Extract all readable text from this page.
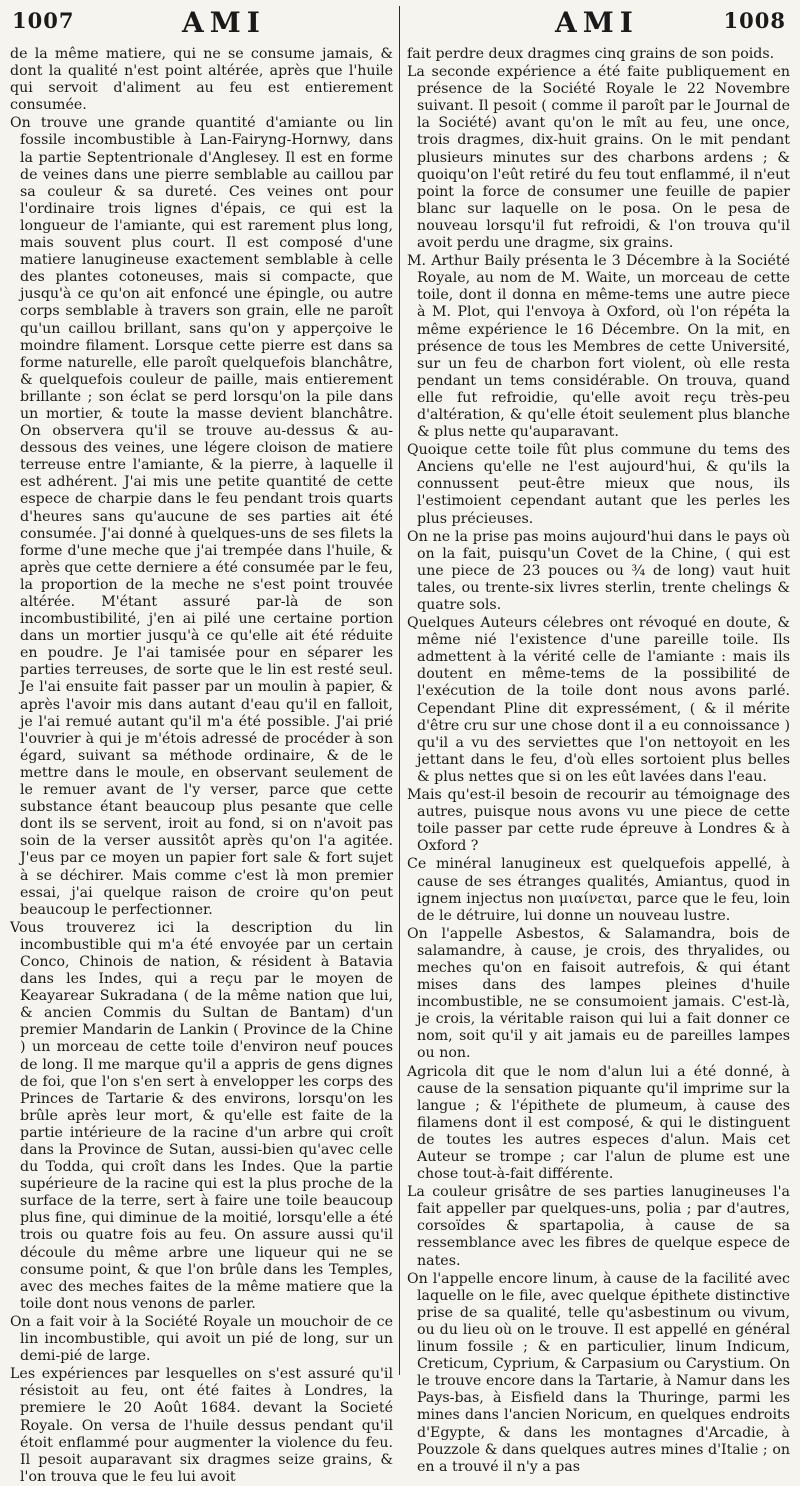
1007	AMI	AMI	1008

de la même matiere, qui ne se consume jamais, & dont la qualité n'est point altérée, après que l'huile qui servoit d'aliment au feu est entierement consumée.

On trouve une grande quantité d'amiante ou lin fossile incombustible à Lan-Fairyng-Hornwy, dans la partie Septentrionale d'Anglesey. Il est en forme de veines dans une pierre semblable au caillou par sa couleur & sa dureté. Ces veines ont pour l'ordinaire trois lignes d'épais, ce qui est la longueur de l'amiante, qui est rarement plus long, mais souvent plus court. Il est composé d'une matiere lanugineuse exactement semblable à celle des plantes cotoneuses, mais si compacte, que jusqu'à ce qu'on ait enfoncé une épingle, ou autre corps semblable à travers son grain, elle ne paroît qu'un caillou brillant, sans qu'on y apperçoive le moindre filament. Lorsque cette pierre est dans sa forme naturelle, elle paroît quelquefois blanchâtre, & quelquefois couleur de paille, mais entierement brillante ; son éclat se perd lorsqu'on la pile dans un mortier, & toute la masse devient blanchâtre. On observera qu'il se trouve au-dessus & au-dessous des veines, une légere cloison de matiere terreuse entre l'amiante, & la pierre, à laquelle il est adhérent. J'ai mis une petite quantité de cette espece de charpie dans le feu pendant trois quarts d'heures sans qu'aucune de ses parties ait été consumée. J'ai donné à quelques-uns de ses filets la forme d'une meche que j'ai trempée dans l'huile, & après que cette derniere a été consumée par le feu, la proportion de la meche ne s'est point trouvée altérée. M'étant assuré par-là de son incombustibilité, j'en ai pilé une certaine portion dans un mortier jusqu'à ce qu'elle ait été réduite en poudre. Je l'ai tamisée pour en séparer les parties terreuses, de sorte que le lin est resté seul. Je l'ai ensuite fait passer par un moulin à papier, & après l'avoir mis dans autant d'eau qu'il en falloit, je l'ai remué autant qu'il m'a été possible. J'ai prié l'ouvrier à qui je m'étois adressé de procéder à son égard, suivant sa méthode ordinaire, & de le mettre dans le moule, en observant seulement de le remuer avant de l'y verser, parce que cette substance étant beaucoup plus pesante que celle dont ils se servent, iroit au fond, si on n'avoit pas soin de la verser aussitôt après qu'on l'a agitée. J'eus par ce moyen un papier fort sale & fort sujet à se déchirer. Mais comme c'est là mon premier essai, j'ai quelque raison de croire qu'on peut beaucoup le perfectionner.

Vous trouverez ici la description du lin incombustible qui m'a été envoyée par un certain Conco, Chinois de nation, & résident à Batavia dans les Indes, qui a reçu par le moyen de Keayarear Sukradana ( de la même nation que lui, & ancien Commis du Sultan de Bantam) d'un premier Mandarin de Lankin ( Province de la Chine ) un morceau de cette toile d'environ neuf pouces de long. Il me marque qu'il a appris de gens dignes de foi, que l'on s'en sert à envelopper les corps des Princes de Tartarie & des environs, lorsqu'on les brûle après leur mort, & qu'elle est faite de la partie intérieure de la racine d'un arbre qui croît dans la Province de Sutan, aussi-bien qu'avec celle du Todda, qui croît dans les Indes. Que la partie supérieure de la racine qui est la plus proche de la surface de la terre, sert à faire une toile beaucoup plus fine, qui diminue de la moitié, lorsqu'elle a été trois ou quatre fois au feu. On assure aussi qu'il découle du même arbre une liqueur qui ne se consume point, & que l'on brûle dans les Temples, avec des meches faites de la même matiere que la toile dont nous venons de parler.

On a fait voir à la Société Royale un mouchoir de ce lin incombustible, qui avoit un pié de long, sur un demi-pié de large.

Les expériences par lesquelles on s'est assuré qu'il résistoit au feu, ont été faites à Londres, la premiere le 20 Août 1684. devant la Societé Royale. On versa de l'huile dessus pendant qu'il étoit enflammé pour augmenter la violence du feu. Il pesoit auparavant six dragmes seize grains, & l'on trouva que le feu lui avoit

fait perdre deux dragmes cinq grains de son poids.

La seconde expérience a été faite publiquement en présence de la Société Royale le 22 Novembre suivant. Il pesoit ( comme il paroît par le Journal de la Société) avant qu'on le mît au feu, une once, trois dragmes, dix-huit grains. On le mit pendant plusieurs minutes sur des charbons ardens ; & quoiqu'on l'eût retiré du feu tout enflammé, il n'eut point la force de consumer une feuille de papier blanc sur laquelle on le posa. On le pesa de nouveau lorsqu'il fut refroidi, & l'on trouva qu'il avoit perdu une dragme, six grains.

M. Arthur Baily présenta le 3 Décembre à la Société Royale, au nom de M. Waite, un morceau de cette toile, dont il donna en même-tems une autre piece à M. Plot, qui l'envoya à Oxford, où l'on répéta la même expérience le 16 Décembre. On la mit, en présence de tous les Membres de cette Université, sur un feu de charbon fort violent, où elle resta pendant un tems considérable. On trouva, quand elle fut refroidie, qu'elle avoit reçu très-peu d'altération, & qu'elle étoit seulement plus blanche & plus nette qu'auparavant.

Quoique cette toile fût plus commune du tems des Anciens qu'elle ne l'est aujourd'hui, & qu'ils la connussent peut-être mieux que nous, ils l'estimoient cependant autant que les perles les plus précieuses.

On ne la prise pas moins aujourd'hui dans le pays où on la fait, puisqu'un Covet de la Chine, ( qui est une piece de 23 pouces ou ¾ de long) vaut huit tales, ou trente-six livres sterlin, trente chelings & quatre sols.

Quelques Auteurs célebres ont révoqué en doute, & même nié l'existence d'une pareille toile. Ils admettent à la vérité celle de l'amiante : mais ils doutent en même-tems de la possibilité de l'exécution de la toile dont nous avons parlé. Cependant Pline dit expressément, ( & il mérite d'être cru sur une chose dont il a eu connoissance ) qu'il a vu des serviettes que l'on nettoyoit en les jettant dans le feu, d'où elles sortoient plus belles & plus nettes que si on les eût lavées dans l'eau.

Mais qu'est-il besoin de recourir au témoignage des autres, puisque nous avons vu une piece de cette toile passer par cette rude épreuve à Londres & à Oxford ?

Ce minéral lanugineux est quelquefois appellé, à cause de ses étranges qualités, Amiantus, quod in ignem injectus non μιαίνεται, parce que le feu, loin de le détruire, lui donne un nouveau lustre.

On l'appelle Asbestos, & Salamandra, bois de salamandre, à cause, je crois, des thryalides, ou meches qu'on en faisoit autrefois, & qui étant mises dans des lampes pleines d'huile incombustible, ne se consumoient jamais. C'est-là, je crois, la véritable raison qui lui a fait donner ce nom, soit qu'il y ait jamais eu de pareilles lampes ou non.

Agricola dit que le nom d'alun lui a été donné, à cause de la sensation piquante qu'il imprime sur la langue ; & l'épithete de plumeum, à cause des filamens dont il est composé, & qui le distinguent de toutes les autres especes d'alun. Mais cet Auteur se trompe ; car l'alun de plume est une chose tout-à-fait différente.

La couleur grisâtre de ses parties lanugineuses l'a fait appeller par quelques-uns, polia ; par d'autres, corsoïdes & spartapolia, à cause de sa ressemblance avec les fibres de quelque espece de nates.

On l'appelle encore linum, à cause de la facilité avec laquelle on le file, avec quelque épithete distinctive prise de sa qualité, telle qu'asbestinum ou vivum, ou du lieu où on le trouve. Il est appellé en général linum fossile ; & en particulier, linum Indicum, Creticum, Cyprium, & Carpasium ou Carystium. On le trouve encore dans la Tartarie, à Namur dans les Pays-bas, à Eisfield dans la Thuringe, parmi les mines dans l'ancien Noricum, en quelques endroits d'Egypte, & dans les montagnes d'Arcadie, à Pouzzole & dans quelques autres mines d'Italie ; on en a trouvé il n'y a pas
